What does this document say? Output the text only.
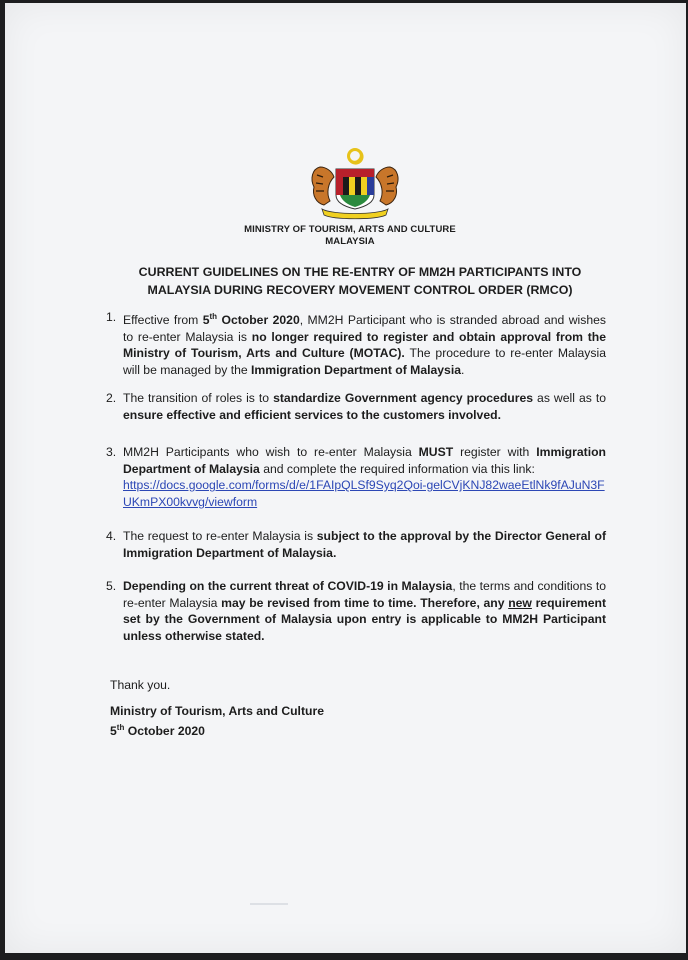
MINISTRY OF TOURISM, ARTS AND CULTURE
MALAYSIA
CURRENT GUIDELINES ON THE RE-ENTRY OF MM2H PARTICIPANTS INTO
MALAYSIA DURING RECOVERY MOVEMENT CONTROL ORDER (RMCO)
1. Effective from 5th October 2020, MM2H Participant who is stranded abroad and wishes to re-enter Malaysia is no longer required to register and obtain approval from the Ministry of Tourism, Arts and Culture (MOTAC). The procedure to re-enter Malaysia will be managed by the Immigration Department of Malaysia.
2. The transition of roles is to standardize Government agency procedures as well as to ensure effective and efficient services to the customers involved.
3. MM2H Participants who wish to re-enter Malaysia MUST register with Immigration Department of Malaysia and complete the required information via this link:
https://docs.google.com/forms/d/e/1FAIpQLSf9Syq2Qoi-gelCVjKNJ82waeEtlNk9fAJuN3FUKmPX00kvvg/viewform
4. The request to re-enter Malaysia is subject to the approval by the Director General of Immigration Department of Malaysia.
5. Depending on the current threat of COVID-19 in Malaysia, the terms and conditions to re-enter Malaysia may be revised from time to time. Therefore, any new requirement set by the Government of Malaysia upon entry is applicable to MM2H Participant unless otherwise stated.
Thank you.
Ministry of Tourism, Arts and Culture
5th October 2020
